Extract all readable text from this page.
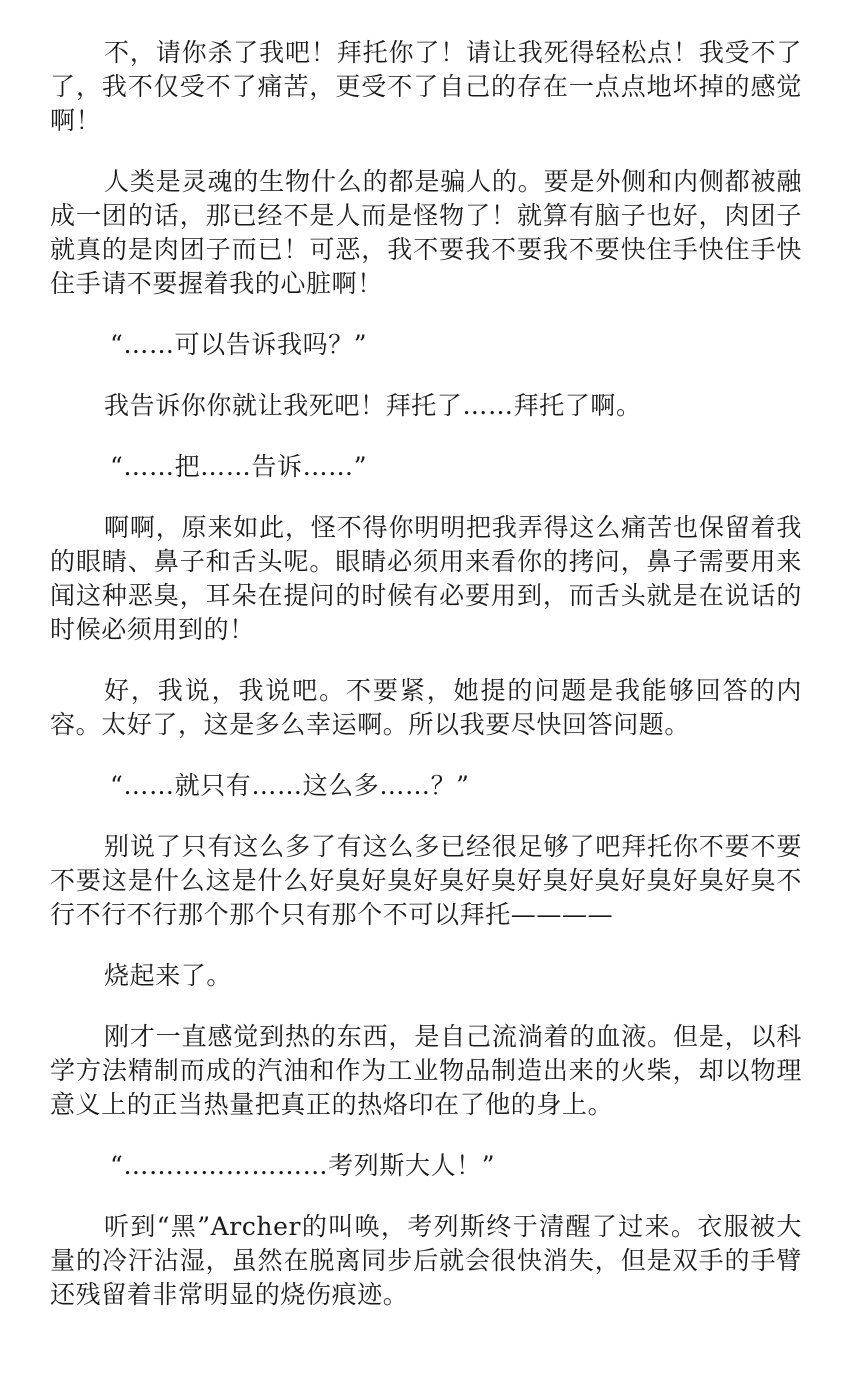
不，请你杀了我吧！拜托你了！请让我死得轻松点！我受不了了，我不仅受不了痛苦，更受不了自己的存在一点点地坏掉的感觉啊！

人类是灵魂的生物什么的都是骗人的。要是外侧和内侧都被融成一团的话，那已经不是人而是怪物了！就算有脑子也好，肉团子就真的是肉团子而已！可恶，我不要我不要我不要快住手快住手快住手请不要握着我的心脏啊！

“……可以告诉我吗？”

我告诉你你就让我死吧！拜托了……拜托了啊。

“……把……告诉……”

啊啊，原来如此，怪不得你明明把我弄得这么痛苦也保留着我的眼睛、鼻子和舌头呢。眼睛必须用来看你的拷问，鼻子需要用来闻这种恶臭，耳朵在提问的时候有必要用到，而舌头就是在说话的时候必须用到的！

好，我说，我说吧。不要紧，她提的问题是我能够回答的内容。太好了，这是多么幸运啊。所以我要尽快回答问题。

“……就只有……这么多……？”

别说了只有这么多了有这么多已经很足够了吧拜托你不要不要不要这是什么这是什么好臭好臭好臭好臭好臭好臭好臭好臭好臭不行不行不行那个那个只有那个不可以拜托————

烧起来了。

刚才一直感觉到热的东西，是自己流淌着的血液。但是，以科学方法精制而成的汽油和作为工业物品制造出来的火柴，却以物理意义上的正当热量把真正的热烙印在了他的身上。

“……………………考列斯大人！”

听到“黑”Archer的叫唤，考列斯终于清醒了过来。衣服被大量的冷汗沾湿，虽然在脱离同步后就会很快消失，但是双手的手臂还残留着非常明显的烧伤痕迹。
